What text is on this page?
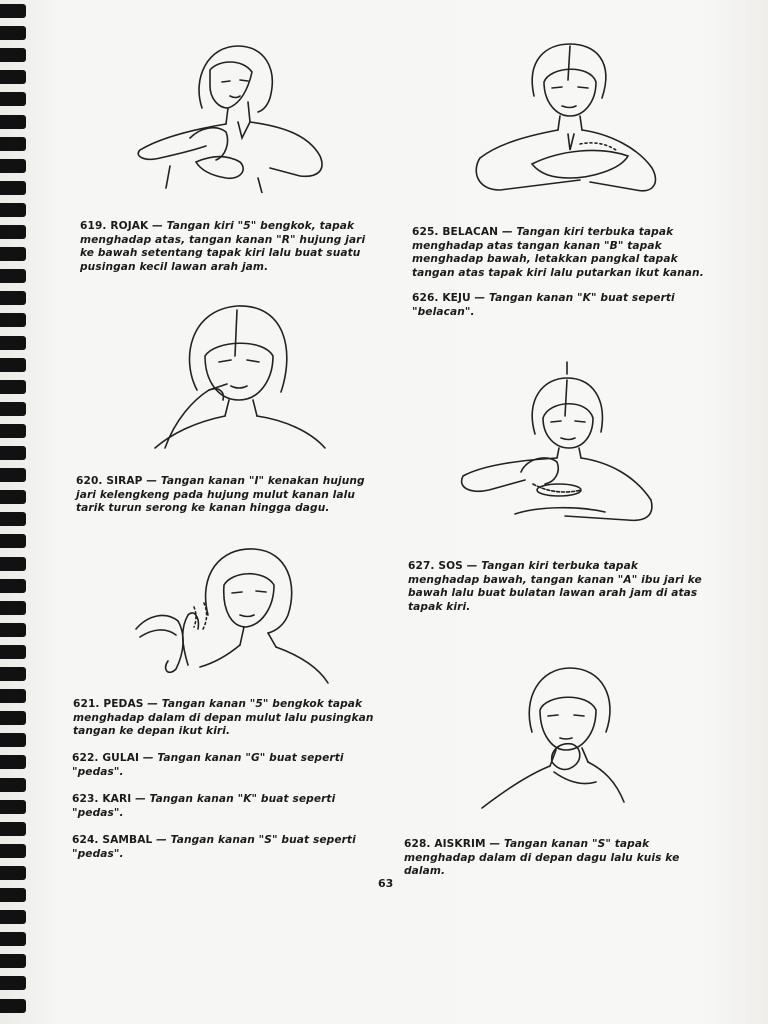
619. ROJAK — Tangan kiri "5" bengkok, tapak menghadap atas, tangan kanan "R" hujung jari ke bawah setentang tapak kiri lalu buat suatu pusingan kecil lawan arah jam.
620. SIRAP — Tangan kanan "I" kenakan hujung jari kelengkeng pada hujung mulut kanan lalu tarik turun serong ke kanan hingga dagu.
621. PEDAS — Tangan kanan "5" bengkok tapak menghadap dalam di depan mulut lalu pusingkan tangan ke depan ikut kiri.
622. GULAI — Tangan kanan "G" buat seperti "pedas".
623. KARI — Tangan kanan "K" buat seperti "pedas".
624. SAMBAL — Tangan kanan "S" buat seperti "pedas".
625. BELACAN — Tangan kiri terbuka tapak menghadap atas tangan kanan "B" tapak menghadap bawah, letakkan pangkal tapak tangan atas tapak kiri lalu putarkan ikut kanan.
626. KEJU — Tangan kanan "K" buat seperti "belacan".
627. SOS — Tangan kiri terbuka tapak menghadap bawah, tangan kanan "A" ibu jari ke bawah lalu buat bulatan lawan arah jam di atas tapak kiri.
628. AISKRIM — Tangan kanan "S" tapak menghadap dalam di depan dagu lalu kuis ke dalam.
63
